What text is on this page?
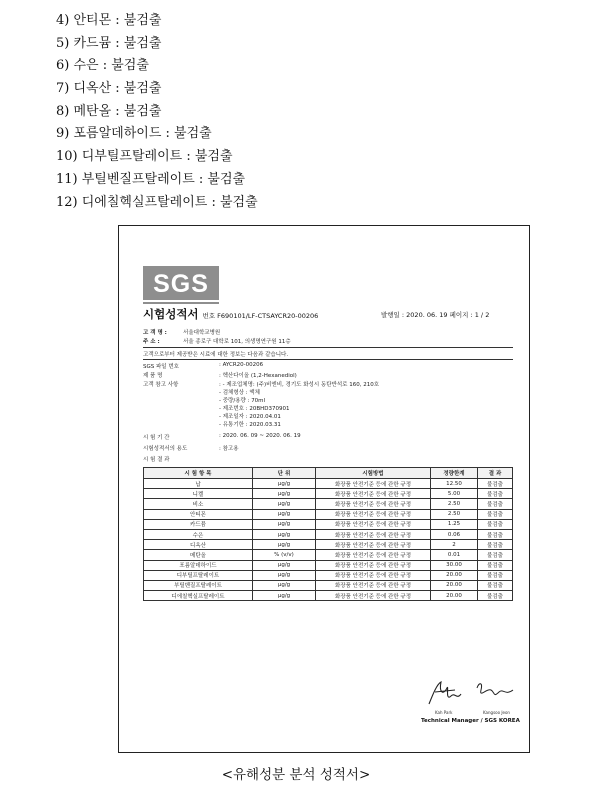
4) 안티몬 : 불검출
5) 카드뮴 : 불검출
6) 수은 : 불검출
7) 디옥산 : 불검출
8) 메탄올 : 불검출
9) 포름알데하이드 : 불검출
10) 디부틸프탈레이트 : 불검출
11) 부틸벤질프탈레이트 : 불검출
12) 디에칠헥실프탈레이트 : 불검출
SGS
시험성적서 번호 F690101/LF-CTSAYCR20-00206	발행일 : 2020. 06. 19 페이지 : 1 / 2
고 객 명 :	서울대학교병원
주 소 :	서울 종로구 대학로 101, 의생명연구원 11층
고객으로부터 제공받은 시료에 대한 정보는 다음과 같습니다.
SGS 파일 번호	: AYCR20-00206
제 품 명	: 헥산다이올 (1,2-Hexanediol)
고객 참고 사항	: - 제조업체명: (주)비엔비, 경기도 화성시 동탄반석로 160, 210호
- 검체형상 : 액체
- 중량/용량 : 70ml
- 제조번호 : 20BHD370901
- 제조일자 : 2020.04.01
- 유통기한 : 2020.03.31
시 험 기 간	: 2020. 06. 09 ~ 2020. 06. 19
시험성적서의 용도	: 참고용
시 험 결 과
시 험 항 목	단 위	시험방법	정량한계	결 과
납	μg/g	화장품 안전기준 등에 관한 규정	12.50	불검출
니켈	μg/g	화장품 안전기준 등에 관한 규정	5.00	불검출
비소	μg/g	화장품 안전기준 등에 관한 규정	2.50	불검출
안티몬	μg/g	화장품 안전기준 등에 관한 규정	2.50	불검출
카드뮴	μg/g	화장품 안전기준 등에 관한 규정	1.25	불검출
수은	μg/g	화장품 안전기준 등에 관한 규정	0.06	불검출
디옥산	μg/g	화장품 안전기준 등에 관한 규정	2	불검출
메탄올	% (v/v)	화장품 안전기준 등에 관한 규정	0.01	불검출
포름알데하이드	μg/g	화장품 안전기준 등에 관한 규정	30.00	불검출
디부틸프탈레이트	μg/g	화장품 안전기준 등에 관한 규정	20.00	불검출
부틸벤질프탈레이트	μg/g	화장품 안전기준 등에 관한 규정	20.00	불검출
디에칠헥실프탈레이트	μg/g	화장품 안전기준 등에 관한 규정	20.00	불검출
Kah Park	Kangsoo Jeon
Technical Manager / SGS KOREA
<유해성분 분석 성적서>
